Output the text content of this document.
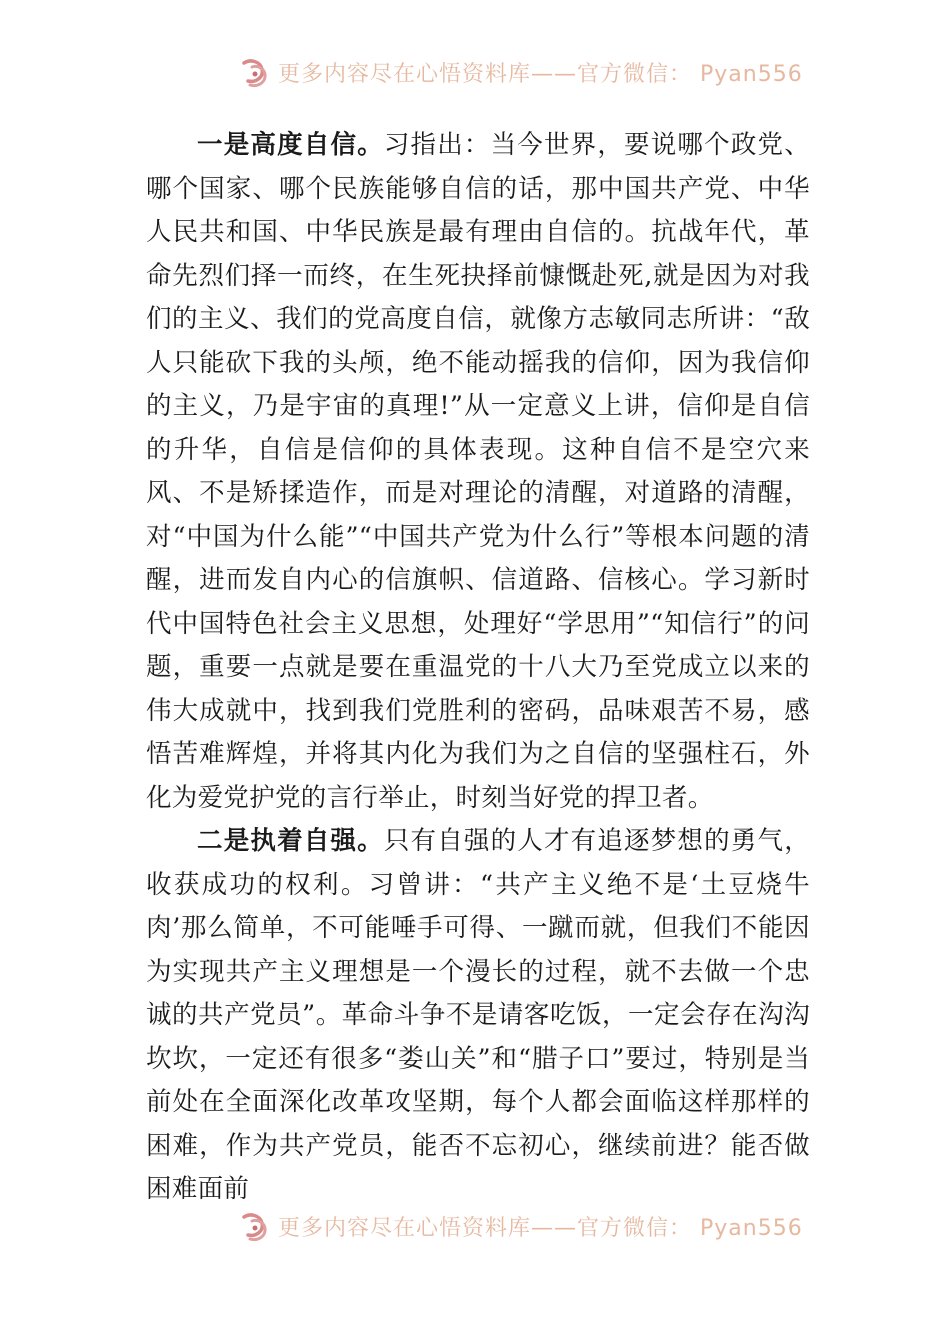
更多内容尽在心悟资料库——官方微信： Pyan556

一是高度自信。习指出：当今世界，要说哪个政党、哪个国家、哪个民族能够自信的话，那中国共产党、中华人民共和国、中华民族是最有理由自信的。抗战年代，革命先烈们择一而终，在生死抉择前慷慨赴死,就是因为对我们的主义、我们的党高度自信，就像方志敏同志所讲：“敌人只能砍下我的头颅，绝不能动摇我的信仰，因为我信仰的主义，乃是宇宙的真理!”从一定意义上讲，信仰是自信的升华，自信是信仰的具体表现。这种自信不是空穴来风、不是矫揉造作，而是对理论的清醒，对道路的清醒，对“中国为什么能”“中国共产党为什么行”等根本问题的清醒，进而发自内心的信旗帜、信道路、信核心。学习新时代中国特色社会主义思想，处理好“学思用”“知信行”的问题，重要一点就是要在重温党的十八大乃至党成立以来的伟大成就中，找到我们党胜利的密码，品味艰苦不易，感悟苦难辉煌，并将其内化为我们为之自信的坚强柱石，外化为爱党护党的言行举止，时刻当好党的捍卫者。

二是执着自强。只有自强的人才有追逐梦想的勇气，收获成功的权利。习曾讲：“共产主义绝不是‘土豆烧牛肉’那么简单，不可能唾手可得、一蹴而就，但我们不能因为实现共产主义理想是一个漫长的过程，就不去做一个忠诚的共产党员”。革命斗争不是请客吃饭，一定会存在沟沟坎坎，一定还有很多“娄山关”和“腊子口”要过，特别是当前处在全面深化改革攻坚期，每个人都会面临这样那样的困难，作为共产党员，能否不忘初心，继续前进？能否做困难面前

更多内容尽在心悟资料库——官方微信： Pyan556
